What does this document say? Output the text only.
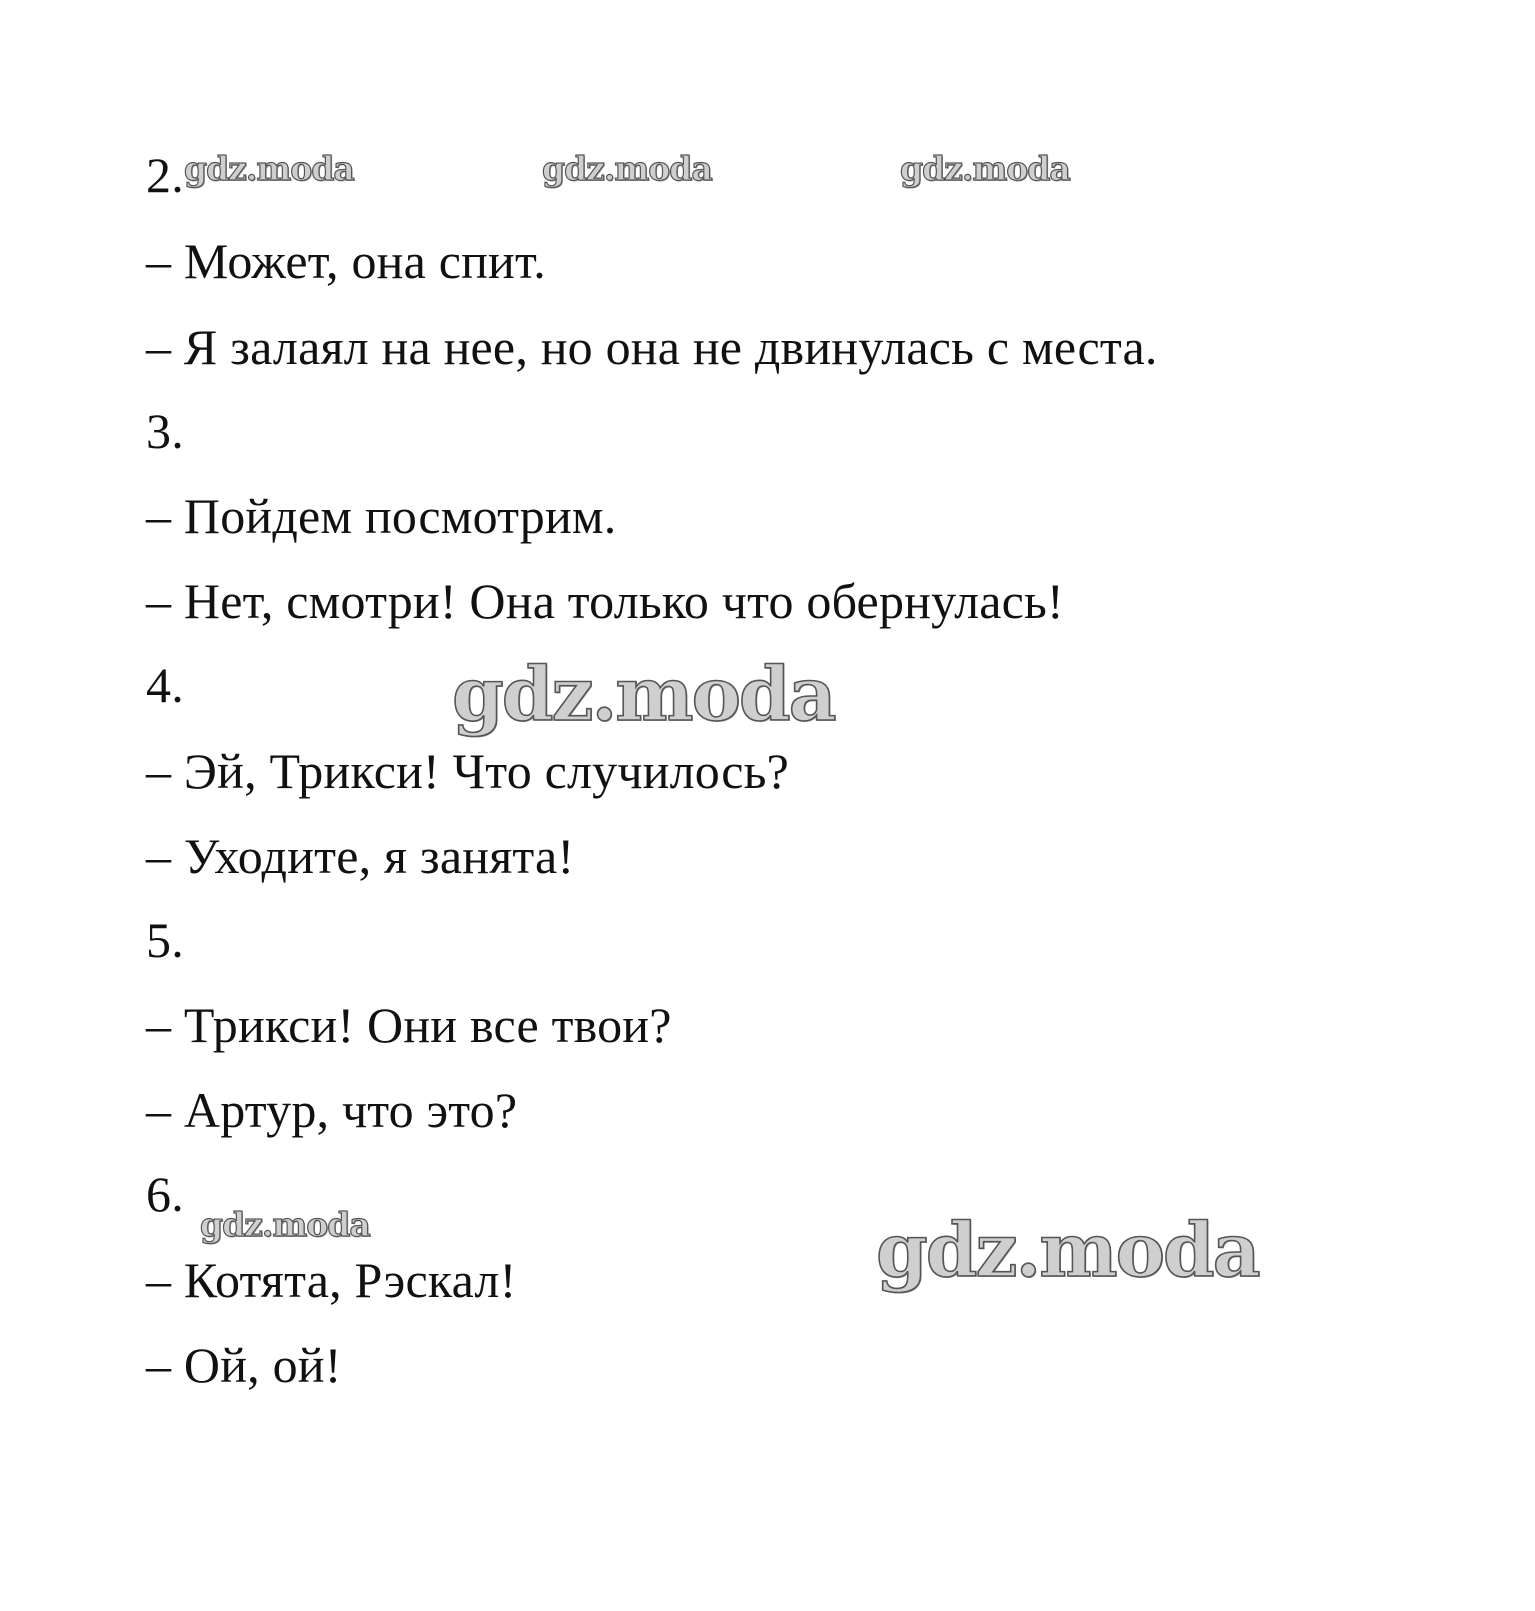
2.
– Может, она спит.
– Я залаял на нее, но она не двинулась с места.
3.
– Пойдем посмотрим.
– Нет, смотри! Она только что обернулась!
4.
– Эй, Трикси! Что случилось?
– Уходите, я занята!
5.
– Трикси! Они все твои?
– Артур, что это?
6.
– Котята, Рэскал!
– Ой, ой!
gdz.moda	gdz.moda	gdz.moda
gdz.moda
gdz.moda	gdz.moda
